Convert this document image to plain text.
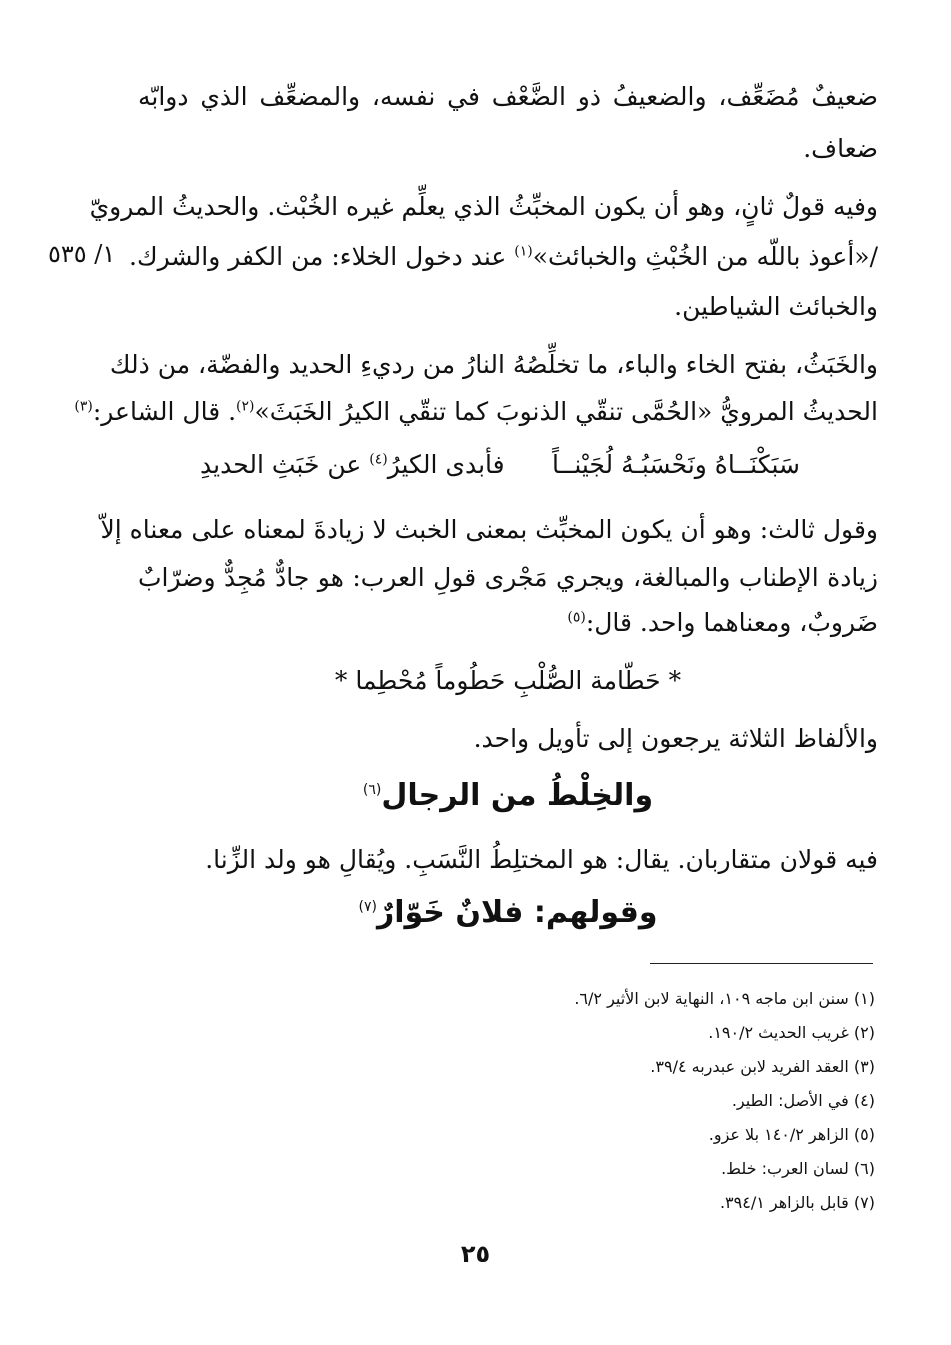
ضعيفٌ مُضَعِّف، والضعيفُ ذو الضَّعْف في نفسه، والمضعِّف الذي دوابّه
ضعاف.
وفيه قولٌ ثانٍ، وهو أن يكون المخبِّثُ الذي يعلِّم غيره الخُبْث. والحديثُ المرويّ
/«أعوذ باللّه من الخُبْثِ والخبائث»$^{(١)}$ عند دخول الخلاء: من الكفر والشرك.
١/ ٥٣٥
والخبائث الشياطين.
والخَبَثُ، بفتح الخاء والباء، ما تخلِّصُهُ النارُ من رديءِ الحديد والفضّة، من ذلك
الحديثُ المرويُّ «الحُمَّى تنقّي الذنوبَ كما تنقّي الكيرُ الخَبَثَ»$^{(٢)}$. قال الشاعر:$^{(٣)}$
سَبَكْنَــاهُ ونَحْسَبُـهُ لُجَيْنــاً
فأبدى الكيرُ$^{(٤)}$ عن خَبَثِ الحديدِ
وقول ثالث: وهو أن يكون المخبِّث بمعنى الخبث لا زيادةَ لمعناه على معناه إلاّ
زيادة الإطناب والمبالغة، ويجري مَجْرى قولِ العرب: هو جادٌّ مُجِدٌّ وضرّابٌ
ضَروبٌ، ومعناهما واحد. قال:$^{(٥)}$
* حَطّامة الصُّلْبِ حَطُوماً مُحْطِما *
والألفاظ الثلاثة يرجعون إلى تأويل واحد.
والخِلْطُ من الرجال$^{(٦)}$
فيه قولان متقاربان. يقال: هو المختلِطُ النَّسَبِ. ويُقالِ هو ولد الزِّنا.
وقولهم: فلانٌ خَوّارٌ$^{(٧)}$
(١) سنن ابن ماجه ١٠٩، النهاية لابن الأثير ٦/٢.
(٢) غريب الحديث ١٩٠/٢.
(٣) العقد الفريد لابن عبدربه ٣٩/٤.
(٤) في الأصل: الطير.
(٥) الزاهر ١٤٠/٢ بلا عزو.
(٦) لسان العرب: خلط.
(٧) قابل بالزاهر ٣٩٤/١.
٢٥
